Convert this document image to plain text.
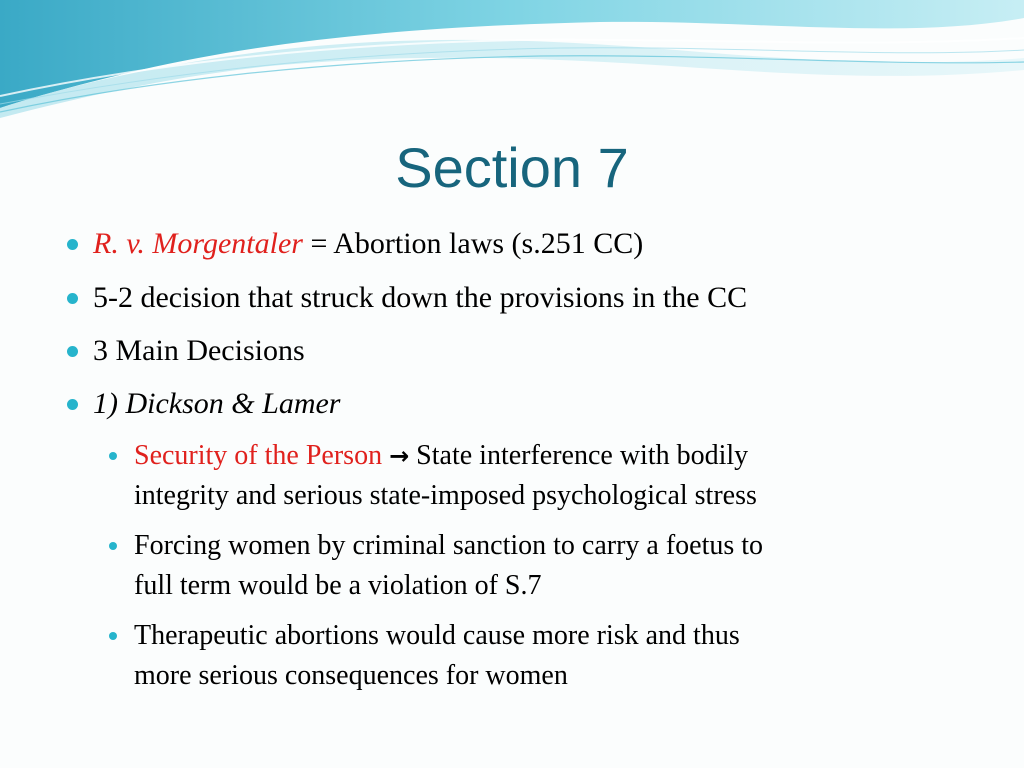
Section 7
R. v. Morgentaler = Abortion laws (s.251 CC)
5-2 decision that struck down the provisions in the CC
3 Main Decisions
1) Dickson & Lamer
Security of the Person → State interference with bodily
integrity and serious state-imposed psychological stress
Forcing women by criminal sanction to carry a foetus to
full term would be a violation of S.7
Therapeutic abortions would cause more risk and thus
more serious consequences for women
